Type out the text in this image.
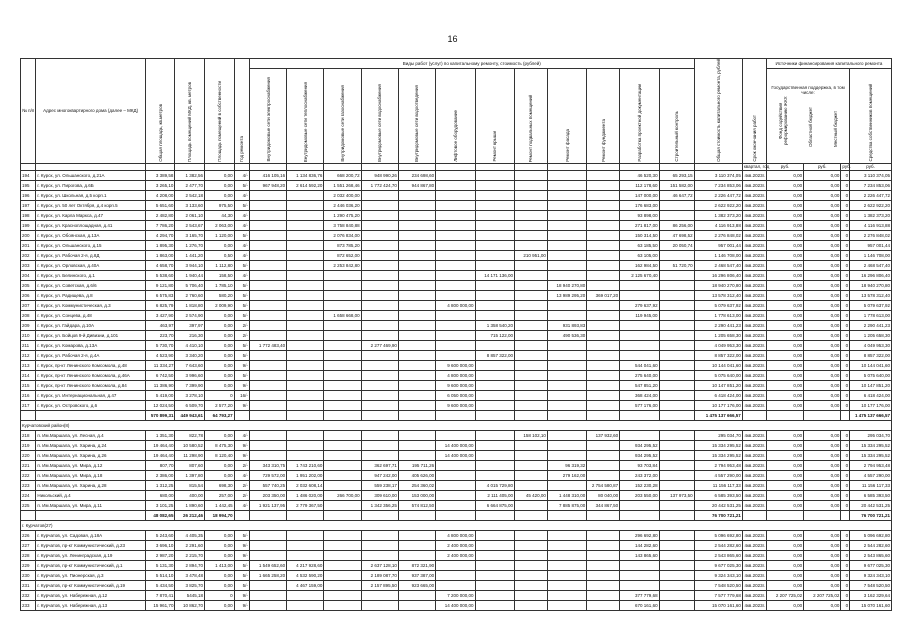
16
№ п/п	Адрес многоквартирного дома (далее – МКД)	Общая площадь, кв.метров	Площадь помещений МКД, кв. метров	Площадь помещений в собственности	Год ремонта	Виды работ (услуг) по капитальному ремонту, стоимость (рублей)												Общая стоимость капитального ремонта, рублей	Срок окончания работ	Источники финансирования капитального ремонта			
						Внутридомовые сети электроснабжения	Внутридомовые сети теплоснабжения	Внутридомовые сети газоснабжения	Внутридомовые сети водоснабжения	Внутридомовые сети водоотведения	Лифтовое оборудование	Ремонт крыши	Ремонт подвальных помещений	Ремонт фасада	Ремонт фундамента	Разработка проектной документации	Строительный контроль			Государственная поддержка, в том числе:
Фонд содействия реформированию ЖКХ Областной бюджет Местный бюджет			Средства собственников помещений
																			квартал, год	руб.	руб.	руб.	руб.
194	г. Курск, ул. Ольшанского, д.21А	3 389,58	1 382,56	0,00	4/-	416 105,16	1 134 836,76	668 200,72	948 990,26	234 698,60						46 520,30	65 293,15	3 110 374,05	4кв.2023г.	0,00	0,00	0	3 110 374,05
195	г. Курск, ул. Пирогова, д.6Б	3 265,10	2 477,70	0,00	5/-	967 948,20	2 614 592,20	1 551 268,46	1 772 424,70	944 867,80						112 178,60	151 582,00	7 234 853,06	4кв.2023г.	0,00	0,00	0	7 234 853,06
196	г. Курск, ул. Школьная, д.5 корп.1	4 208,00	2 542,18	0,00	4/-			2 032 400,00								147 000,00	46 647,72	2 226 447,72	4кв.2023г.	0,00	0,00	0	2 226 447,72
197	г. Курск, ул. 50 лет Октября, д.4 корп.5	5 651,60	3 133,60	975,50	5/-			2 446 036,20								176 683,00		2 622 922,20	4кв.2023г.	0,00	0,00	0	2 622 922,20
198	г. Курск, ул. Карла Маркса, д.47	2 482,80	2 061,10	44,30	4/-			1 290 475,20								93 898,00		1 382 373,20	4кв.2023г.	0,00	0,00	0	1 382 373,20
199	г. Курск, ул. Красноплощадная, д.41	7 786,20	2 543,67	2 063,00	4/-			3 758 840,88								271 817,00	86 256,00	4 116 913,88	4кв.2023г.	0,00	0,00	0	4 116 913,88
200	г. Курск, ул. Обоянская, д.13А	4 294,70	3 165,70	1 120,00	5/-			2 076 834,00								150 314,50	47 698,52	2 276 848,02	4кв.2023г.	0,00	0,00	0	2 276 848,02
201	г. Курск, ул. Ольшанского, д.15	1 895,30	1 276,70	0,00	4/-			873 785,20								63 185,50	20 050,74	957 001,44	4кв.2023г.	0,00	0,00	0	957 001,44
202	г. Курск, ул. Рабочая 2-я, д.8Д	1 863,00	1 441,20	0,50	4/-			872 652,00					210 951,00			63 105,00		1 146 708,00	4кв.2023г.	0,00	0,00	0	1 146 708,00
203	г. Курск, ул. Орловская, д.40А	4 658,70	3 944,10	1 112,80	5/-			2 253 842,80								162 984,50	51 720,70	2 468 547,40	4кв.2023г.	0,00	0,00	0	2 468 547,40
204	г. Курск, ул. Белинского, д.1	5 538,60	1 940,44	158,50	4/-							14 171 136,00				2 125 670,40		16 296 806,40	4кв.2023г.	0,00	0,00	0	16 296 806,40
205	г. Курск, ул. Советская, д.6/6	9 121,80	5 706,40	1 785,10	5/-									18 940 270,80				18 940 270,80	4кв.2023г.	0,00	0,00	0	18 940 270,80
206	г. Курск, ул. Радищева, д.8	6 575,83	2 760,60	580,20	5/-									13 989 295,20	369 017,20			13 578 312,40	4кв.2023г.	0,00	0,00	0	13 578 312,40
207	г. Курск, ул. Коммунистическая, д.3	6 825,79	1 818,80	2 009,90	5/-						4 800 000,00					279 637,92		5 079 637,92	4кв.2023г.	0,00	0,00	0	5 079 637,92
208	г. Курск, ул. Сонцева, д.48	3 427,90	2 574,90	0,00	5/-			1 658 668,00								119 945,00		1 778 613,00	4кв.2023г.	0,00	0,00	0	1 778 613,00
209	г. Курск, ул. Гайдара, д.10А	463,97	397,97	0,00	2/-							1 358 540,20		931 893,83				2 290 441,23	4кв.2023г.	0,00	0,00	0	2 290 441,23
210	г. Курск, ул. Бойцов 9-й Дивизии, д.101	223,70	216,30	0,00	2/-							715 122,00		490 536,30				1 205 658,30	4кв.2023г.	0,00	0,00	0	1 205 658,30
211	г. Курск, ул. Комарова, д.13А	5 730,70	4 410,10	0,00	5/-	1 772 483,40			2 277 469,90									4 049 953,30	4кв.2023г.	0,00	0,00	0	4 049 953,30
212	г. Курск, ул. Рабочая 2-я, д.4А	4 523,90	3 340,20	0,00	5/-							8 857 322,00						8 857 322,00	4кв.2023г.	0,00	0,00	0	8 857 322,00
213	г. Курск, пр-кт Ленинского Комсомола, д.48	11 334,27	7 643,60	0,00	9/-						9 600 000,00					544 041,60		10 144 041,60	4кв.2023г.	0,00	0,00	0	10 144 041,60
214	г. Курск, пр-кт Ленинского Комсомола, д.46А	6 742,50	3 996,60	0,00	5/-						4 800 000,00					275 640,00		5 075 640,00	4кв.2023г.	0,00	0,00	0	5 075 640,00
215	г. Курск, пр-кт Ленинского Комсомола, д.84	11 386,90	7 399,90	0,00	9/-						9 600 000,00					547 851,20		10 147 851,20	4кв.2023г.	0,00	0,00	0	10 147 851,20
216	г. Курск, ул. Интернациональная, д.47	5 419,00	3 278,10	0	16/-						6 050 000,00					368 424,00		6 418 424,00	4кв.2023г.	0,00	0,00	0	6 418 424,00
217	г. Курск, ул. Островского, д.6	12 024,50	6 509,70	2 577,20	9/-						9 600 000,00					577 176,00		10 177 176,00	4кв.2023г.	0,00	0,00	0	10 177 176,00
		570 899,31	449 943,61	64 793,27														1 475 137 666,57					1 475 137 666,57
Курчатовский район(8)																							
218	п. Им.Маршала, ул. Лесная, д.4	1 351,30	822,78	0,00	4/-								158 102,10		137 932,60			295 034,70	4кв.2023г.	0,00	0,00	0	295 034,70
219	п. Им.Маршала, ул. Харина, д.24	19 464,40	10 580,52	8 475,30	9/-						14 400 000,00					934 295,52		15 334 295,52	4кв.2023г.	0,00	0,00	0	15 334 295,52
220	п. Им.Маршала, ул. Харина, д.26	19 464,40	11 298,90	8 120,40	9/-						14 400 000,00					934 295,52		15 334 295,52	4кв.2023г.	0,00	0,00	0	15 334 295,52
221	п. Им.Маршала, ул. Мира, д.12	807,70	807,60	0,00	2/-	343 310,75	1 743 210,60		362 697,71	195 711,26				96 319,32		93 703,84		2 794 953,48	4кв.2023г.	0,00	0,00	0	2 794 953,48
222	п. Им.Маршала, ул. Мира, д.18	2 386,00	1 397,80	0,00	4/-	729 572,00	1 951 202,00		947 242,00	405 626,00				279 162,00		243 372,00		4 557 290,00	4кв.2023г.	0,00	0,00	0	4 557 290,00
223	п. Им.Маршала, ул. Харина, д.28	1 312,25	815,54	698,30	2/-	557 740,25	2 032 608,14		559 238,17	254 360,02		4 015 729,80			2 754 580,87	152 230,28		11 156 117,33	4кв.2023г.	0,00	0,00	0	11 156 117,33
224	Никольский, д.4	680,00	400,00	257,00	2/-	203 350,00	1 486 020,00	266 700,00	309 610,00	153 000,00		2 111 405,00	45 420,00	1 448 310,00	80 040,00	203 550,00	137 973,50	6 585 393,50	4кв.2023г.	0,00	0,00	0	6 585 393,50
225	п. Им.Маршала, ул. Мира, д.11	3 101,25	1 890,60	1 442,45	4/-	1 921 137,95	2 779 367,50		1 342 356,25	574 812,50		6 664 875,00		7 885 875,00	344 867,50			20 442 531,25	4кв.2023г.	0,00	0,00	0	20 442 531,25
		48 082,65	26 212,46	18 994,70														76 700 721,21					76 700 721,21
г. Курчатов(27)																							
226	г. Курчатов, ул. Садовая, д.18А	5 243,60	4 405,35	0,00	5/-						4 800 000,00					296 692,80		5 096 692,80	4кв.2023г.	0,00	0,00	0	5 096 692,80
227	г. Курчатов, пр-кт Коммунистический, д.23	3 696,10	2 291,60	0,00	9/-						2 400 000,00					144 282,60		2 544 282,60	4кв.2023г.	0,00	0,00	0	2 544 282,60
228	г. Курчатов, ул. Ленинградская, д.19	2 987,20	2 215,70	0,00	9/-						2 400 000,00					143 865,60		2 543 865,60	4кв.2023г.	0,00	0,00	0	2 543 865,60
229	г. Курчатов, пр-кт Коммунистический, д.1	5 131,30	2 894,70	1 413,00	5/-	1 549 652,60	4 217 928,60		2 637 128,10	872 321,90								9 677 025,30	4кв.2023г.	0,00	0,00	0	9 677 025,30
230	г. Курчатов, ул. Пионерская, д.3	5 514,10	3 478,48	0,00	5/-	1 665 258,20	4 532 590,20		2 189 087,70	937 387,00								9 324 343,10	4кв.2023г.	0,00	0,00	0	9 324 343,10
231	г. Курчатов, пр-кт Коммунистический, д.19	5 434,50	3 825,70	0,00	5/-		4 467 159,00		2 157 895,50	923 665,00								7 548 520,50	4кв.2023г.	0,00	0,00	0	7 548 520,50
232	г. Курчатов, ул. Набережная, д.12	7 870,41	5445,18	0	9/-						7 200 000,00					377 779,68		7 577 779,68	4кв.2023г.	2 207 725,02	2 207 725,02	0	3 162 329,64
233	г. Курчатов, ул. Набережная, д.13	15 961,70	10 862,70	0,00	9/-						14 400 000,00					670 161,60		15 070 161,60	4кв.2023г.	0,00	0,00	0	15 070 161,60
